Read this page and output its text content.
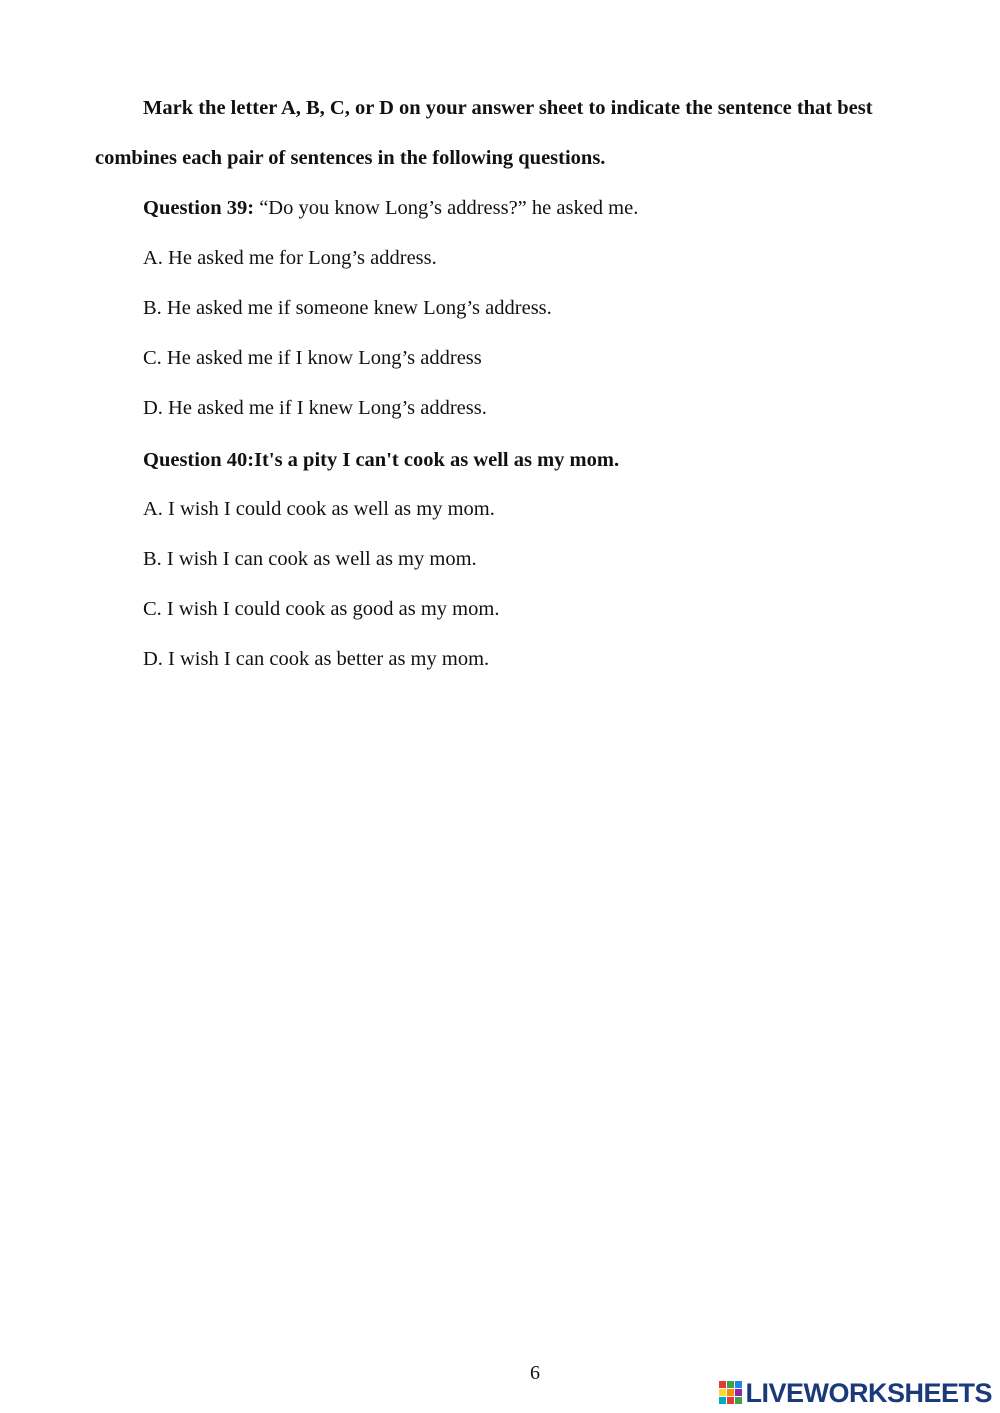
Mark the letter A, B, C, or D on your answer sheet to indicate the sentence that best
combines each pair of sentences in the following questions.
Question 39: “Do you know Long’s address?” he asked me.
A. He asked me for Long’s address.
B. He asked me if someone knew Long’s address.
C. He asked me if I know Long’s address
D. He asked me if I knew Long’s address.
Question 40:It's a pity I can't cook as well as my mom.
A. I wish I could cook as well as my mom.
B. I wish I can cook as well as my mom.
C. I wish I could cook as good as my mom.
D. I wish I can cook as better as my mom.
6
LIVEWORKSHEETS
